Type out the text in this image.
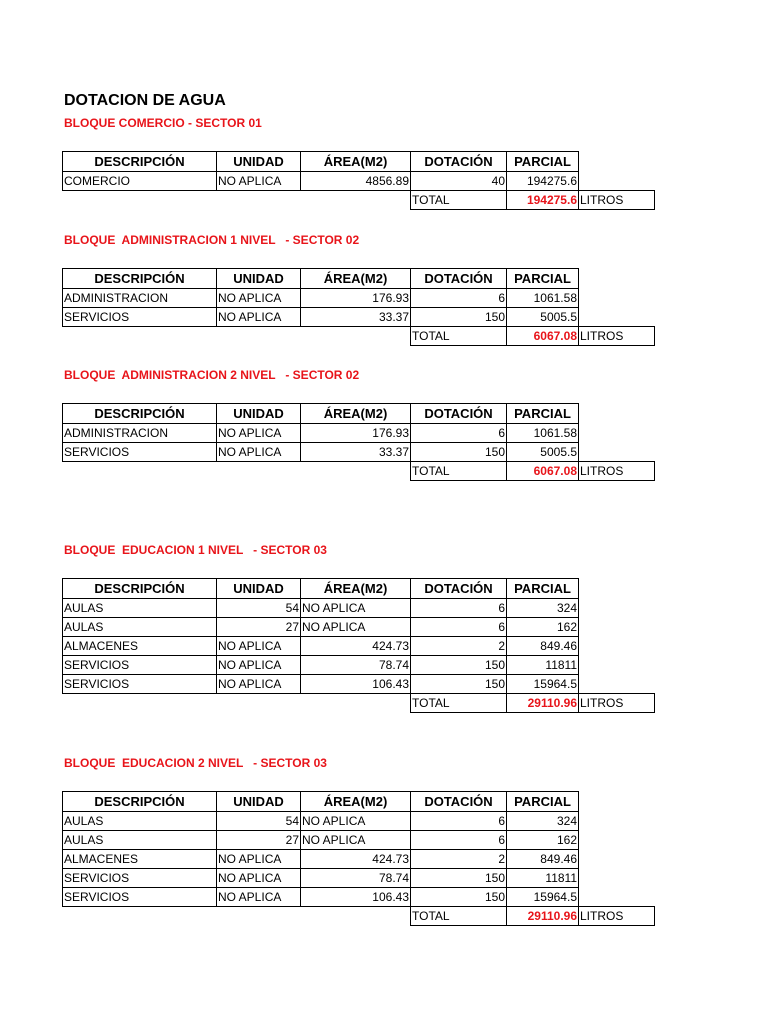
DOTACION DE AGUA
BLOQUE COMERCIO - SECTOR 01
DESCRIPCIÓN	UNIDAD	ÁREA(M2)	DOTACIÓN	PARCIAL	
COMERCIO	NO APLICA	4856.89	40	194275.6	
			TOTAL	194275.6	LITROS
BLOQUE  ADMINISTRACION 1 NIVEL   - SECTOR 02
DESCRIPCIÓN	UNIDAD	ÁREA(M2)	DOTACIÓN	PARCIAL	
ADMINISTRACION	NO APLICA	176.93	6	1061.58	
SERVICIOS	NO APLICA	33.37	150	5005.5	
			TOTAL	6067.08	LITROS
BLOQUE  ADMINISTRACION 2 NIVEL   - SECTOR 02
DESCRIPCIÓN	UNIDAD	ÁREA(M2)	DOTACIÓN	PARCIAL	
ADMINISTRACION	NO APLICA	176.93	6	1061.58	
SERVICIOS	NO APLICA	33.37	150	5005.5	
			TOTAL	6067.08	LITROS
BLOQUE  EDUCACION 1 NIVEL   - SECTOR 03
DESCRIPCIÓN	UNIDAD	ÁREA(M2)	DOTACIÓN	PARCIAL	
AULAS	54	NO APLICA	6	324	
AULAS	27	NO APLICA	6	162	
ALMACENES	NO APLICA	424.73	2	849.46	
SERVICIOS	NO APLICA	78.74	150	11811	
SERVICIOS	NO APLICA	106.43	150	15964.5	
			TOTAL	29110.96	LITROS
BLOQUE  EDUCACION 2 NIVEL   - SECTOR 03
DESCRIPCIÓN	UNIDAD	ÁREA(M2)	DOTACIÓN	PARCIAL	
AULAS	54	NO APLICA	6	324	
AULAS	27	NO APLICA	6	162	
ALMACENES	NO APLICA	424.73	2	849.46	
SERVICIOS	NO APLICA	78.74	150	11811	
SERVICIOS	NO APLICA	106.43	150	15964.5	
			TOTAL	29110.96	LITROS
